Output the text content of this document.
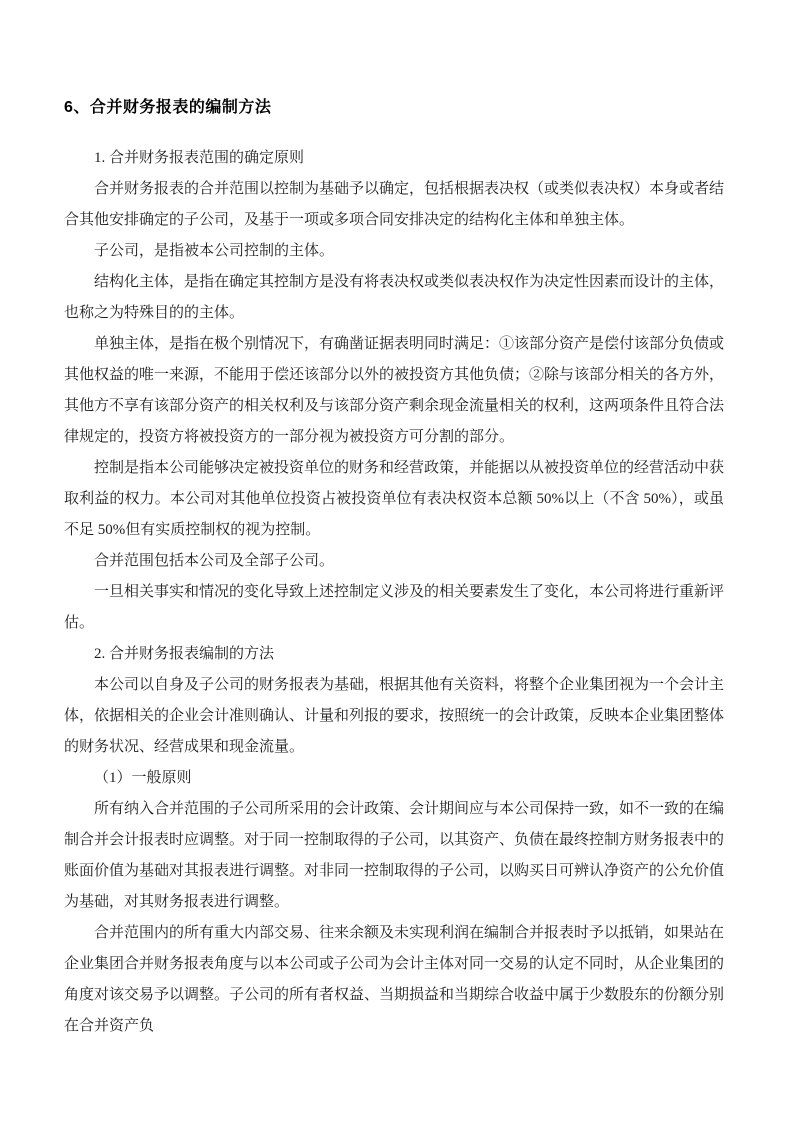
6、合并财务报表的编制方法

1. 合并财务报表范围的确定原则

合并财务报表的合并范围以控制为基础予以确定，包括根据表决权（或类似表决权）本身或者结合其他安排确定的子公司，及基于一项或多项合同安排决定的结构化主体和单独主体。

子公司，是指被本公司控制的主体。

结构化主体，是指在确定其控制方是没有将表决权或类似表决权作为决定性因素而设计的主体，也称之为特殊目的的主体。

单独主体，是指在极个别情况下，有确凿证据表明同时满足：①该部分资产是偿付该部分负债或其他权益的唯一来源，不能用于偿还该部分以外的被投资方其他负债；②除与该部分相关的各方外，其他方不享有该部分资产的相关权利及与该部分资产剩余现金流量相关的权利，这两项条件且符合法律规定的，投资方将被投资方的一部分视为被投资方可分割的部分。

控制是指本公司能够决定被投资单位的财务和经营政策，并能据以从被投资单位的经营活动中获取利益的权力。本公司对其他单位投资占被投资单位有表决权资本总额 50%以上（不含 50%），或虽不足 50%但有实质控制权的视为控制。

合并范围包括本公司及全部子公司。

一旦相关事实和情况的变化导致上述控制定义涉及的相关要素发生了变化，本公司将进行重新评估。

2. 合并财务报表编制的方法

本公司以自身及子公司的财务报表为基础，根据其他有关资料，将整个企业集团视为一个会计主体，依据相关的企业会计准则确认、计量和列报的要求，按照统一的会计政策，反映本企业集团整体的财务状况、经营成果和现金流量。

（1）一般原则

所有纳入合并范围的子公司所采用的会计政策、会计期间应与本公司保持一致，如不一致的在编制合并会计报表时应调整。对于同一控制取得的子公司，以其资产、负债在最终控制方财务报表中的账面价值为基础对其报表进行调整。对非同一控制取得的子公司，以购买日可辨认净资产的公允价值为基础，对其财务报表进行调整。

合并范围内的所有重大内部交易、往来余额及未实现利润在编制合并报表时予以抵销，如果站在企业集团合并财务报表角度与以本公司或子公司为会计主体对同一交易的认定不同时，从企业集团的角度对该交易予以调整。子公司的所有者权益、当期损益和当期综合收益中属于少数股东的份额分别在合并资产负
